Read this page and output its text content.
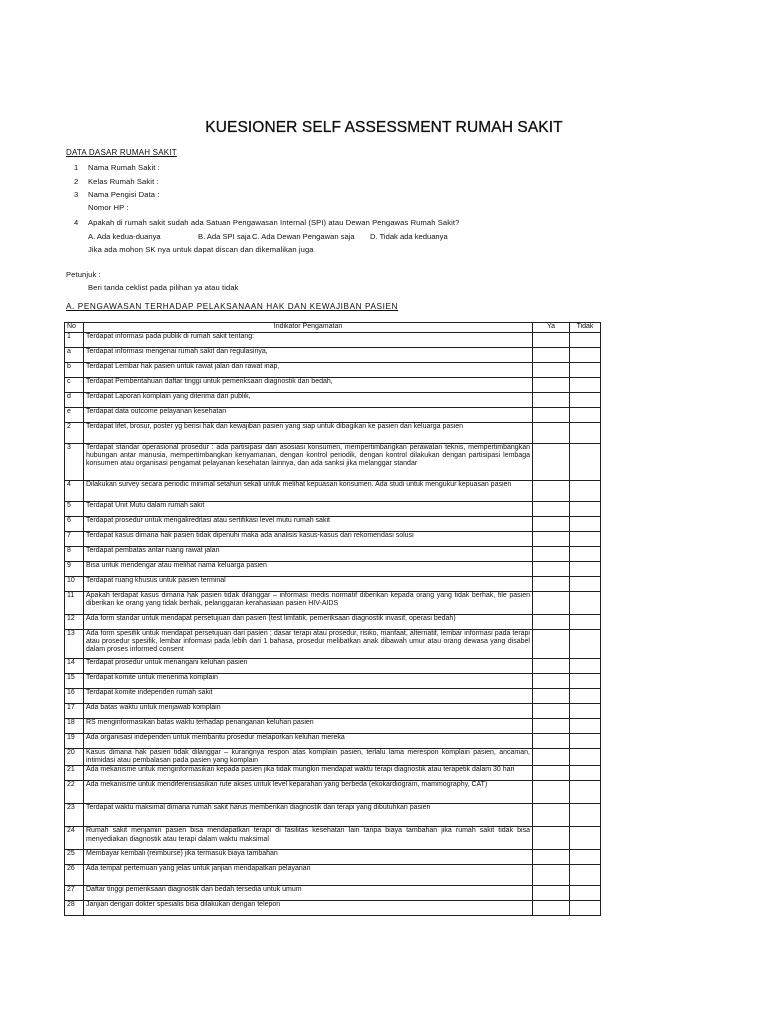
KUESIONER SELF ASSESSMENT RUMAH SAKIT
DATA DASAR RUMAH SAKIT
1 Nama Rumah Sakit :
2 Kelas Rumah Sakit :
3 Nama Pengisi Data :
Nomor HP :
4 Apakah di rumah sakit sudah ada Satuan Pengawasan Internal (SPI) atau Dewan Pengawas Rumah Sakit?
A. Ada kedua-duanya	B. Ada SPI saja C. Ada Dewan Pengawan saja D. Tidak ada keduanya
Jika ada mohon SK nya untuk dapat discan dan dikemalikan juga
Petunjuk :
Beri tanda ceklist pada pilihan ya atau tidak
A. PENGAWASAN TERHADAP PELAKSANAAN HAK DAN KEWAJIBAN PASIEN
No	Indikator Pengamatan	Ya	Tidak
1	Terdapat informasi pada publik di rumah sakit tentang:		
a	Terdapat informasi mengenai rumah sakit dan regulasinya,		
b	Terdapat Lembar hak pasien untuk rawat jalan dan rawat inap,		
c	Terdapat Pemberitahuan daftar tinggi untuk pemeriksaan diagnostik dan bedah,		
d	Terdapat Laporan komplain yang diterima dari publik,		
e	Terdapat data outcome pelayanan kesehatan		
2	Terdapat lifet, brosur, poster yg berisi hak dan kewajiban pasien yang siap untuk dibagikan ke pasien dan keluarga pasien		
3	Terdapat standar operasional prosedur : ada partisipasi dari asosiasi konsumen, mempertimbangkan perawatan teknis, mempertimbangkan hubungan antar manusia, mempertimbangkan kenyamanan, dengan kontrol periodik, dengan kontrol dilakukan dengan partisipasi lembaga konsumen atau organisasi pengamat pelayanan kesehatan lainnya, dan ada sanksi jika melanggar standar		
4	Dilakukan survey secara periodic minimal setahun sekali untuk melihat kepuasan konsumen. Ada studi untuk mengukur kepuasan pasien		
5	Terdapat Unit Mutu dalam rumah sakit		
6	Terdapat prosedur untuk mengakreditasi atau sertifikasi level mutu rumah sakit		
7	Terdapat kasus dimana hak pasien tidak dipenuhi maka ada analisis kasus-kasus dan rekomendasi solusi		
8	Terdapat pembatas antar ruang rawat jalan		
9	Bisa untuk mendengar atau melihat nama keluarga pasien		
10	Terdapat ruang khusus untuk pasien terminal		
11	Apakah terdapat kasus dimana hak pasien tidak dilanggar – informasi medis normatif diberikan kepada orang yang tidak berhak, file pasien diberikan ke orang yang tidak berhak, pelanggaran kerahasiaan pasien HIV-AIDS		
12	Ada form standar untuk mendapat persetujuan dari pasien (test limfatik, pemeriksaan diagnostik invasif, operasi bedah)		
13	Ada form spesifik untuk mendapat persetujuan dari pasien ; dasar terapi atau prosedur, risiko, manfaat, alternatif, lembar informasi pada terapi atau prosedur spesifik, lembar informasi pada lebih dari 1 bahasa, prosedur melibatkan anak dibawah umur atau orang dewasa yang disabel dalam proses informed consent		
14	Terdapat prosedur untuk menangani keluhan pasien		
15	Terdapat komite untuk menerima komplain		
16	Terdapat komite independen rumah sakit		
17	Ada batas waktu untuk menjawab komplain		
18	RS menginformasikan batas waktu terhadap penanganan keluhan pasien		
19	Ada organisasi independen untuk membantu prosedur melaporkan keluhan mereka		
20	Kasus dimana hak pasien tidak dilanggar – kurangnya respon atas komplain pasien, terlalu lama merespon komplain pasien, ancaman, intimidasi atau pembalasan pada pasien yang komplain		
21	Ada mekanisme untuk menginformasikan kepada pasien jika tidak mungkin mendapat waktu terapi diagnostik atau terapetik dalam 30 hari		
22	Ada mekanisme untuk mendiferensiasikan rute akses untuk level keparahan yang berbeda (ekokardiogram, mammography, CAT)		
23	Terdapat waktu maksimal dimana rumah sakit harus memberikan diagnostik dan terapi yang dibutuhkan pasien		
24	Rumah sakit menjamin pasien bisa mendapatkan terapi di fasilitas kesehatan lain tanpa biaya tambahan jika rumah sakit tidak bisa menyediakan diagnostik atau terapi dalam waktu maksimal		
25	Membayar kembali (reimburse) jika termasuk biaya tambahan		
26	Ada tempat pertemuan yang jelas untuk janjian mendapatkan pelayanan		
27	Daftar tinggi pemeriksaan diagnostik dan bedah tersedia untuk umum		
28	Janjian dengan dokter spesialis bisa dilakukan dengan telepon		
